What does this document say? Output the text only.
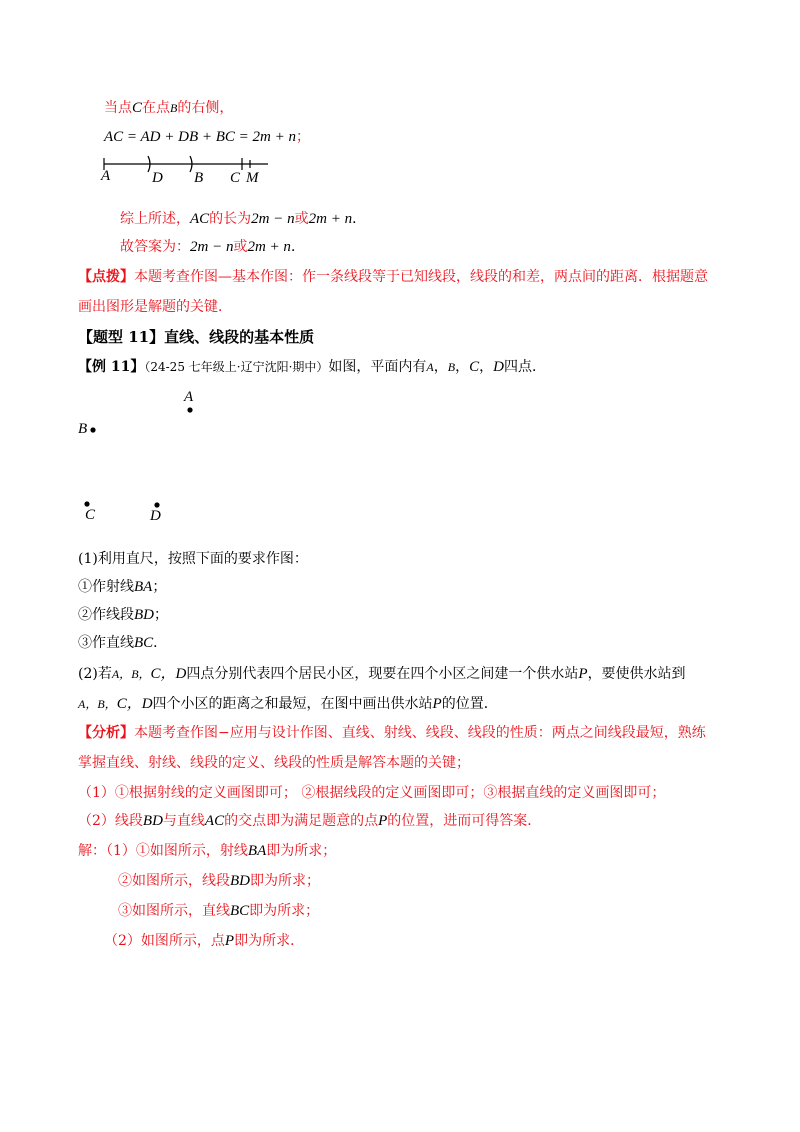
当点C在点B的右侧，
AC = AD + DB + BC = 2m + n；
A	D B C M
综上所述，AC的长为2m − n或2m + n．
故答案为：2m − n或2m + n．
【点拨】本题考查作图—基本作图：作一条线段等于已知线段，线段的和差，两点间的距离．根据题意
画出图形是解题的关键．
【题型 11】直线、线段的基本性质
【例 11】（24-25 七年级上·辽宁沈阳·期中）如图，平面内有A，B，C，D四点．
A
B
C	D
(1)利用直尺，按照下面的要求作图：
①作射线BA；
②作线段BD；
③作直线BC．
(2)若A，B，C，D四点分别代表四个居民小区，现要在四个小区之间建一个供水站P，要使供水站到
A，B，C，D四个小区的距离之和最短，在图中画出供水站P的位置．
【分析】本题考查作图−应用与设计作图、直线、射线、线段、线段的性质：两点之间线段最短，熟练
掌握直线、射线、线段的定义、线段的性质是解答本题的关键；
（1）①根据射线的定义画图即可； ②根据线段的定义画图即可；③根据直线的定义画图即可；
（2）线段BD与直线AC的交点即为满足题意的点P的位置，进而可得答案．
解：（1）①如图所示，射线BA即为所求；
②如图所示，线段BD即为所求；
③如图所示，直线BC即为所求；
（2）如图所示，点P即为所求．
